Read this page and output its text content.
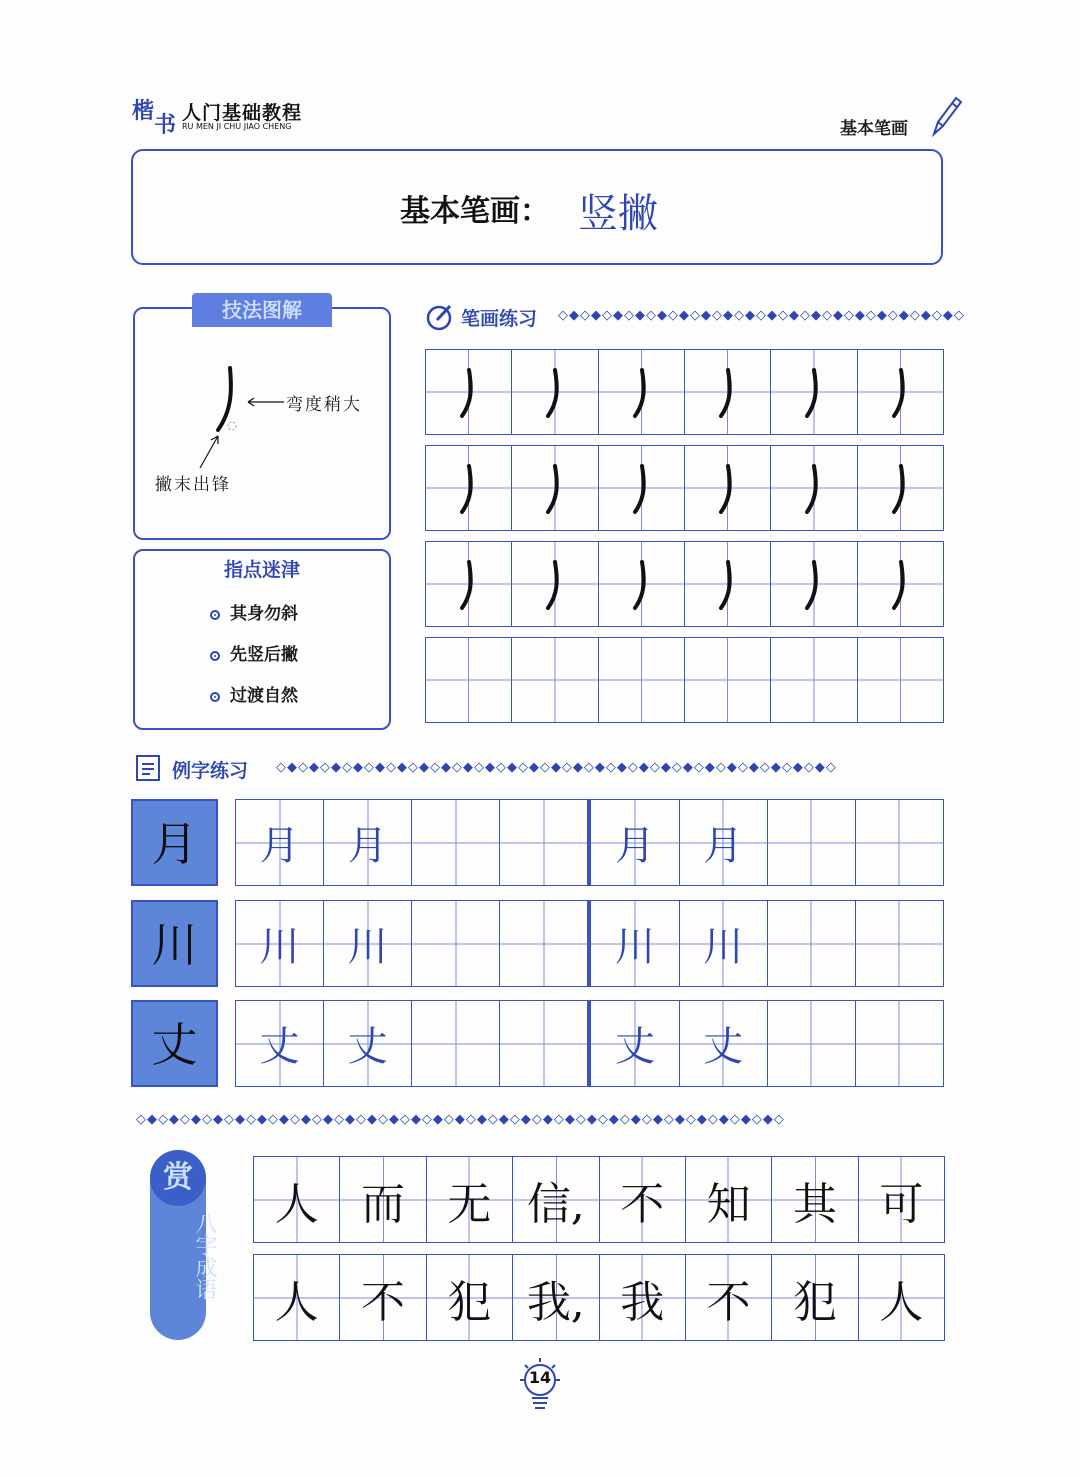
楷
书 人门基础教程
RU MEN JI CHU JIAO CHENG	基本笔画
基本笔画： 竖撇
技法图解
弯度稍大
撇末出锋
指点迷津
其身勿斜
先竖后撇
过渡自然
笔画练习 ◇◆◇◆◇◆◇◆◇◆◇◆◇◆◇◆◇◆◇◆◇◆◇◆◇◆◇◆◇◆◇◆◇◆◇◆◇

例字练习 ◇◆◇◆◇◆◇◆◇◆◇◆◇◆◇◆◇◆◇◆◇◆◇◆◇◆◇◆◇◆◇◆◇◆◇◆◇◆◇◆◇◆◇◆◇◆◇◆◇◆◇
月	月	月			月	月		
川	川	川			川	川		
丈	丈	丈			丈	丈		
◇◆◇◆◇◆◇◆◇◆◇◆◇◆◇◆◇◆◇◆◇◆◇◆◇◆◇◆◇◆◇◆◇◆◇◆◇◆◇◆◇◆◇◆◇◆◇◆◇◆◇◆◇◆◇◆◇◆◇
赏
八字成语
人	而	无	信,	不	知	其	可
人	不	犯	我,	我	不	犯	人
14
